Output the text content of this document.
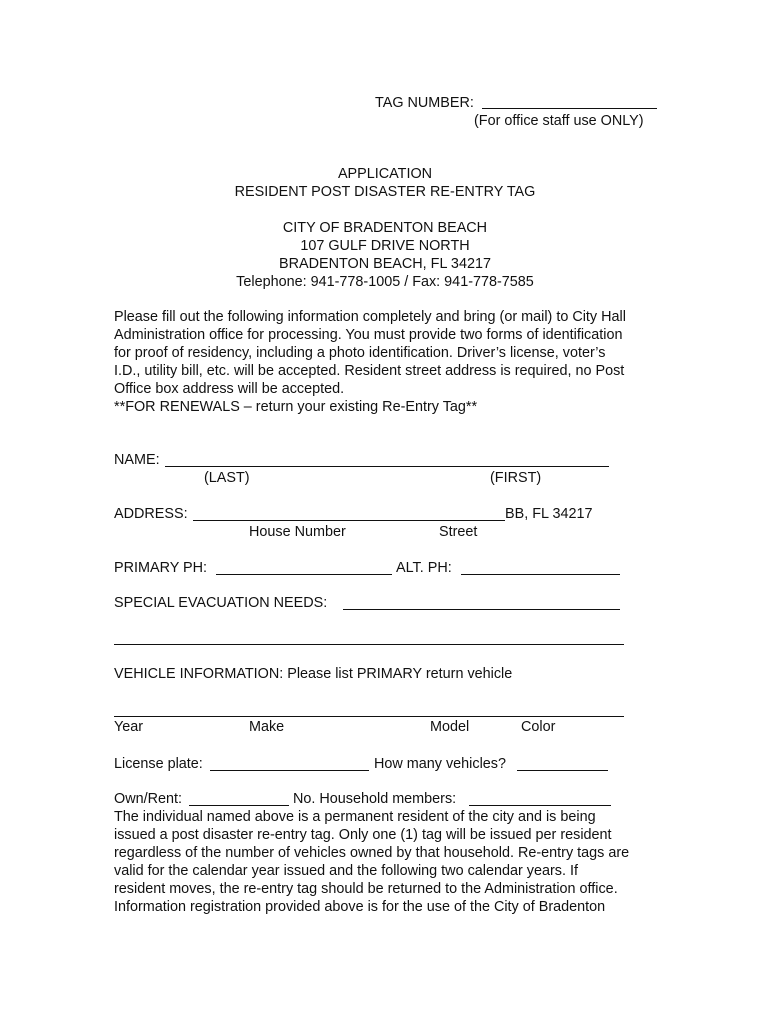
TAG NUMBER:
(For office staff use ONLY)
APPLICATION
RESIDENT POST DISASTER RE-ENTRY TAG
CITY OF BRADENTON BEACH
107 GULF DRIVE NORTH
BRADENTON BEACH, FL 34217
Telephone: 941-778-1005 / Fax: 941-778-7585
Please fill out the following information completely and bring (or mail) to City Hall
Administration office for processing. You must provide two forms of identification
for proof of residency, including a photo identification. Driver’s license, voter’s
I.D., utility bill, etc. will be accepted. Resident street address is required, no Post
Office box address will be accepted.
**FOR RENEWALS – return your existing Re-Entry Tag**
NAME:
(LAST)	(FIRST)
ADDRESS:	BB, FL 34217
House Number	Street
PRIMARY PH:	ALT. PH:
SPECIAL EVACUATION NEEDS:
VEHICLE INFORMATION: Please list PRIMARY return vehicle
Year	Make	Model	Color
License plate:	How many vehicles?
Own/Rent:	No. Household members:
The individual named above is a permanent resident of the city and is being
issued a post disaster re-entry tag. Only one (1) tag will be issued per resident
regardless of the number of vehicles owned by that household. Re-entry tags are
valid for the calendar year issued and the following two calendar years. If
resident moves, the re-entry tag should be returned to the Administration office.
Information registration provided above is for the use of the City of Bradenton
